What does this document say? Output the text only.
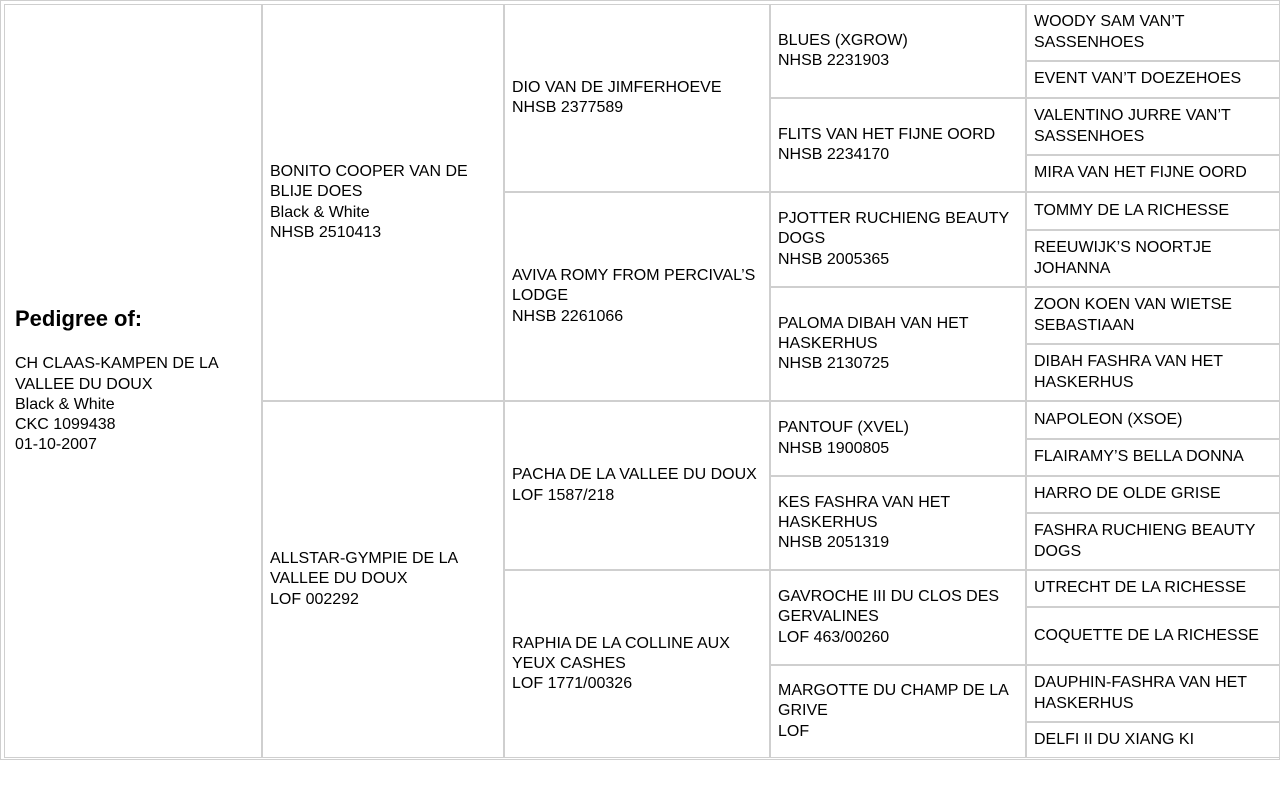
Pedigree of:
CH CLAAS-KAMPEN DE LA VALLEE DU DOUX
Black & White
CKC 1099438
01-10-2007
BONITO COOPER VAN DE BLIJE DOES
Black & White
NHSB 2510413
ALLSTAR-GYMPIE DE LA VALLEE DU DOUX
LOF 002292
DIO VAN DE JIMFERHOEVE
NHSB 2377589
AVIVA ROMY FROM PERCIVAL’S LODGE
NHSB 2261066
PACHA DE LA VALLEE DU DOUX
LOF 1587/218
RAPHIA DE LA COLLINE AUX YEUX CASHES
LOF 1771/00326
BLUES (XGROW)
NHSB 2231903
FLITS VAN HET FIJNE OORD
NHSB 2234170
PJOTTER RUCHIENG BEAUTY DOGS
NHSB 2005365
PALOMA DIBAH VAN HET HASKERHUS
NHSB 2130725
PANTOUF (XVEL)
NHSB 1900805
KES FASHRA VAN HET HASKERHUS
NHSB 2051319
GAVROCHE III DU CLOS DES GERVALINES
LOF 463/00260
MARGOTTE DU CHAMP DE LA GRIVE
LOF
WOODY SAM VAN’T SASSENHOES
EVENT VAN’T DOEZEHOES
VALENTINO JURRE VAN’T SASSENHOES
MIRA VAN HET FIJNE OORD
TOMMY DE LA RICHESSE
REEUWIJK’S NOORTJE JOHANNA
ZOON KOEN VAN WIETSE SEBASTIAAN
DIBAH FASHRA VAN HET HASKERHUS
NAPOLEON (XSOE)
FLAIRAMY’S BELLA DONNA
HARRO DE OLDE GRISE
FASHRA RUCHIENG BEAUTY DOGS
UTRECHT DE LA RICHESSE
COQUETTE DE LA RICHESSE
DAUPHIN-FASHRA VAN HET HASKERHUS
DELFI II DU XIANG KI
